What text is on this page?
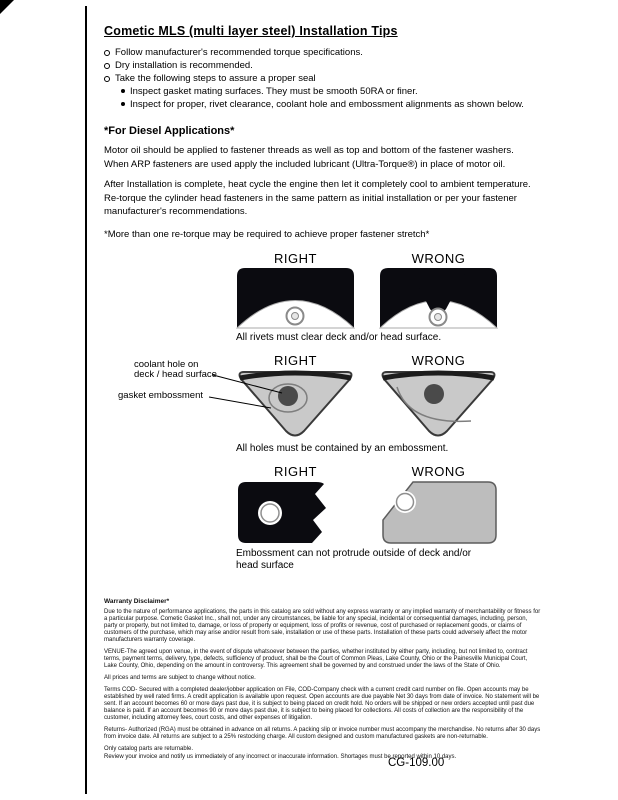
Cometic MLS (multi layer steel) Installation Tips
Follow manufacturer's recommended torque specifications.
Dry installation is recommended.
Take the following steps to assure a proper seal
Inspect gasket mating surfaces. They must be smooth 50RA or finer.
Inspect for proper, rivet clearance, coolant hole and embossment alignments as shown below.
*For Diesel Applications*

Motor oil should be applied to fastener threads as well as top and bottom of the fastener washers. When ARP fasteners are used apply the included lubricant (Ultra-Torque®) in place of motor oil.

After Installation is complete, heat cycle the engine then let it completely cool to ambient temperature. Re-torque the cylinder head fasteners in the same pattern as initial installation or per your fastener manufacturer's recommendations.

*More than one re-torque may be required to achieve proper fastener stretch*

RIGHT	WRONG
All rivets must clear deck and/or head surface.
coolant hole on
deck / head surface
gasket embossment
RIGHT	WRONG
All holes must be contained by an embossment.
RIGHT	WRONG
Embossment can not protrude outside of deck and/or head surface
Warranty Disclaimer*

Due to the nature of performance applications, the parts in this catalog are sold without any express warranty or any implied warranty of merchantability or fitness for a particular purpose. Cometic Gasket Inc., shall not, under any circumstances, be liable for any special, incidental or consequential damages, including, person, party or property, but not limited to, damage, or loss of property or equipment, loss of profits or revenue, cost of purchased or replacement goods, or claims of customers of the purchase, which may arise and/or result from sale, installation or use of these parts. Installation of these parts could adversely affect the motor manufacturers warranty coverage.

VENUE-The agreed upon venue, in the event of dispute whatsoever between the parties, whether instituted by either party, including, but not limited to, contract terms, payment terms, delivery, type, defects, sufficiency of product, shall be the Court of Common Pleas, Lake County, Ohio or the Painesville Municipal Court, Lake County, Ohio, depending on the amount in controversy. This agreement shall be governed by and construed under the laws of the State of Ohio.

All prices and terms are subject to change without notice.

Terms COD- Secured with a completed dealer/jobber application on File, COD-Company check with a current credit card number on file. Open accounts may be established by well rated firms. A credit application is available upon request. Open accounts are due payable Net 30 days from date of invoice. No statement will be sent. If an account becomes 60 or more days past due, it is subject to being placed on credit hold. No orders will be shipped or new orders accepted until past due balance is paid. If an account becomes 90 or more days past due, it is subject to being placed for collections. All costs of collection are the responsibility of the customer, including attorney fees, court costs, and other expenses of litigation.

Returns- Authorized (RGA) must be obtained in advance on all returns. A packing slip or invoice number must accompany the merchandise. No returns after 30 days from invoice date. All returns are subject to a 25% restocking charge. All custom designed and custom manufactured gaskets are non-returnable.

Only catalog parts are returnable.

Review your invoice and notify us immediately of any incorrect or inaccurate information. Shortages must be reported within 10 days.

CG-109.00
